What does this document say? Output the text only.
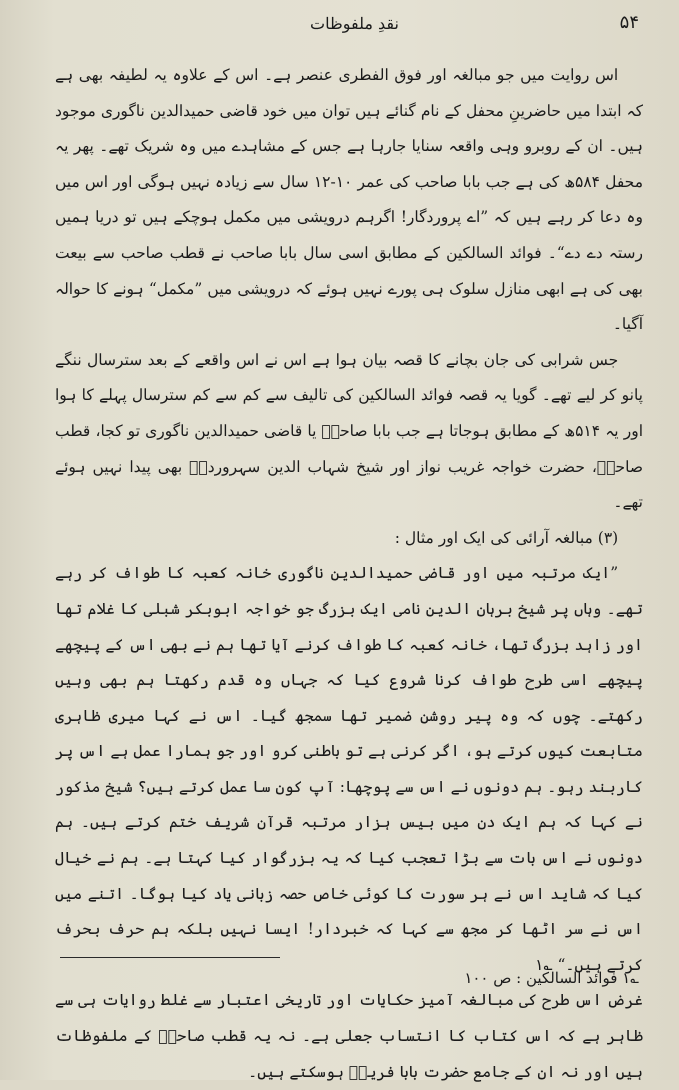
نقدِ ملفوظات	۵۴

اس روایت میں جو مبالغہ اور فوق الفطری عنصر ہے۔ اس کے علاوہ یہ لطیفہ بھی ہے کہ ابتدا میں حاضرینِ محفل کے نام گنائے ہیں توان میں خود قاضی حمیدالدین ناگوری موجود ہیں۔ ان کے روبرو وہی واقعہ سنایا جارہا ہے جس کے مشاہدے میں وہ شریک تھے۔ پھر یہ محفل ۵۸۴ھ کی ہے جب بابا صاحب کی عمر ۱۰-۱۲ سال سے زیادہ نہیں ہوگی اور اس میں وہ دعا کر رہے ہیں کہ ”اے پروردگار! اگرہم درویشی میں مکمل ہوچکے ہیں تو دریا ہمیں رستہ دے دے“۔ فوائد السالکین کے مطابق اسی سال بابا صاحب نے قطب صاحب سے بیعت بھی کی ہے ابھی منازل سلوک ہی پورے نہیں ہوئے کہ درویشی میں ”مکمل“ ہونے کا حوالہ آگیا۔

جس شرابی کی جان بچانے کا قصہ بیان ہوا ہے اس نے اس واقعے کے بعد سترسال ننگے پانو کر لیے تھے۔ گویا یہ قصہ فوائد السالکین کی تالیف سے کم سے کم سترسال پہلے کا ہوا اور یہ ۵۱۴ھ کے مطابق ہوجاتا ہے جب بابا صاحبؒ یا قاضی حمیدالدین ناگوری تو کجا، قطب صاحبؒ، حضرت خواجہ غریب نواز اور شیخ شہاب الدین سہروردیؒ بھی پیدا نہیں ہوئے تھے۔

(۳) مبالغہ آرائی کی ایک اور مثال :

”ایک مرتبہ میں اور قاضی حمیدالدین ناگوری خانہ کعبہ کا طواف کر رہے تھے۔ وہاں پر شیخ برہان الدین نامی ایک بزرگ جو خواجہ ابوبکر شبلی کا غلام تھا اور زاہد بزرگ تھا، خانہ کعبہ کا طواف کرنے آیا تھا ہم نے بھی اس کے پیچھے پیچھے اسی طرح طواف کرنا شروع کیا کہ جہاں وہ قدم رکھتا ہم بھی وہیں رکھتے۔ چوں کہ وہ پیر روشن ضمیر تھا سمجھ گیا۔ اس نے کہا میری ظاہری متابعت کیوں کرتے ہو، اگر کرنی ہے تو باطنی کرو اور جو ہمارا عمل ہے اس پر کاربند رہو۔ ہم دونوں نے اس سے پوچھا: آپ کون سا عمل کرتے ہیں؟ شیخ مذکور نے کہا کہ ہم ایک دن میں بیس ہزار مرتبہ قرآن شریف ختم کرتے ہیں۔ ہم دونوں نے اس بات سے بڑا تعجب کیا کہ یہ بزرگوار کیا کہتا ہے۔ ہم نے خیال کیا کہ شاید اس نے ہر سورت کا کوئی خاص حصہ زبانی یاد کیا ہوگا۔ اتنے میں اس نے سر اٹھا کر مجھ سے کہا کہ خبردار! ایسا نہیں بلکہ ہم حرف بحرف کرتے ہیں۔“ ؎۱

غرض اس طرح کی مبالغہ آمیز حکایات اور تاریخی اعتبار سے غلط روایات ہی سے ظاہر ہے کہ اس کتاب کا انتساب جعلی ہے۔ نہ یہ قطب صاحبؒ کے ملفوظات ہیں اور نہ ان کے جامع حضرت بابا فریدؒ ہوسکتے ہیں۔

؎۱ فوائد السالکین : ص ۱۰۰
